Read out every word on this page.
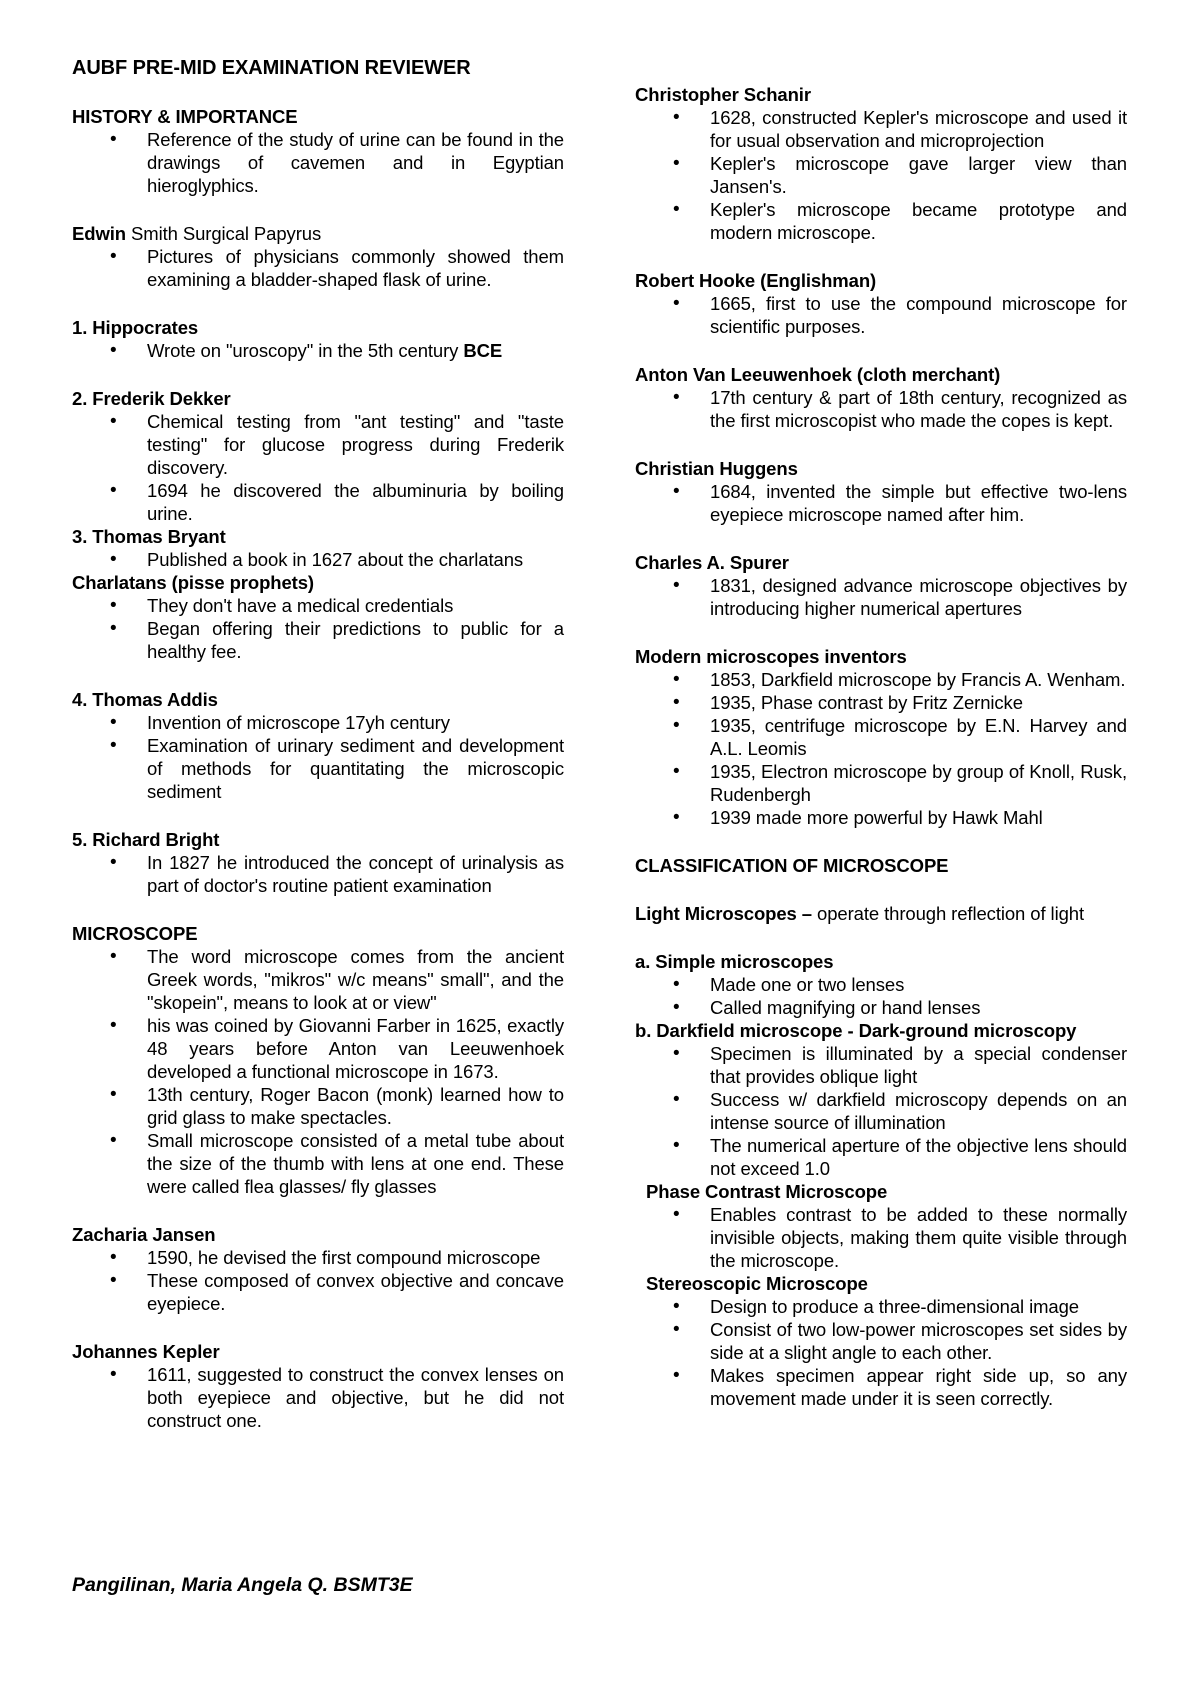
AUBF PRE-MID EXAMINATION REVIEWER
HISTORY & IMPORTANCE
• Reference of the study of urine can be found in the drawings of cavemen and in Egyptian hieroglyphics.
Edwin Smith Surgical Papyrus
• Pictures of physicians commonly showed them examining a bladder-shaped flask of urine.
1. Hippocrates
• Wrote on "uroscopy" in the 5th century BCE
2. Frederik Dekker
• Chemical testing from "ant testing" and "taste testing" for glucose progress during Frederik discovery.
• 1694 he discovered the albuminuria by boiling urine.
3. Thomas Bryant
• Published a book in 1627 about the charlatans
Charlatans (pisse prophets)
• They don't have a medical credentials
• Began offering their predictions to public for a healthy fee.
4. Thomas Addis
• Invention of microscope 17yh century
• Examination of urinary sediment and development of methods for quantitating the microscopic sediment
5. Richard Bright
• In 1827 he introduced the concept of urinalysis as part of doctor's routine patient examination
MICROSCOPE
• The word microscope comes from the ancient Greek words, "mikros" w/c means" small", and the "skopein", means to look at or view"
• his was coined by Giovanni Farber in 1625, exactly 48 years before Anton van Leeuwenhoek developed a functional microscope in 1673.
• 13th century, Roger Bacon (monk) learned how to grid glass to make spectacles.
• Small microscope consisted of a metal tube about the size of the thumb with lens at one end. These were called flea glasses/ fly glasses
Zacharia Jansen
• 1590, he devised the first compound microscope
• These composed of convex objective and concave eyepiece.
Johannes Kepler
• 1611, suggested to construct the convex lenses on both eyepiece and objective, but he did not construct one.
Christopher Schanir
• 1628, constructed Kepler's microscope and used it for usual observation and microprojection
• Kepler's microscope gave larger view than Jansen's.
• Kepler's microscope became prototype and modern microscope.
Robert Hooke (Englishman)
• 1665, first to use the compound microscope for scientific purposes.
Anton Van Leeuwenhoek (cloth merchant)
• 17th century & part of 18th century, recognized as the first microscopist who made the copes is kept.
Christian Huggens
• 1684, invented the simple but effective two-lens eyepiece microscope named after him.
Charles A. Spurer
• 1831, designed advance microscope objectives by introducing higher numerical apertures
Modern microscopes inventors
• 1853, Darkfield microscope by Francis A. Wenham.
• 1935, Phase contrast by Fritz Zernicke
• 1935, centrifuge microscope by E.N. Harvey and A.L. Leomis
• 1935, Electron microscope by group of Knoll, Rusk, Rudenbergh
• 1939 made more powerful by Hawk Mahl
CLASSIFICATION OF MICROSCOPE
Light Microscopes – operate through reflection of light
a. Simple microscopes
• Made one or two lenses
• Called magnifying or hand lenses
b. Darkfield microscope - Dark-ground microscopy
• Specimen is illuminated by a special condenser that provides oblique light
• Success w/ darkfield microscopy depends on an intense source of illumination
• The numerical aperture of the objective lens should not exceed 1.0
Phase Contrast Microscope
• Enables contrast to be added to these normally invisible objects, making them quite visible through the microscope.
Stereoscopic Microscope
• Design to produce a three-dimensional image
• Consist of two low-power microscopes set sides by side at a slight angle to each other.
• Makes specimen appear right side up, so any movement made under it is seen correctly.
Pangilinan, Maria Angela Q. BSMT3E
